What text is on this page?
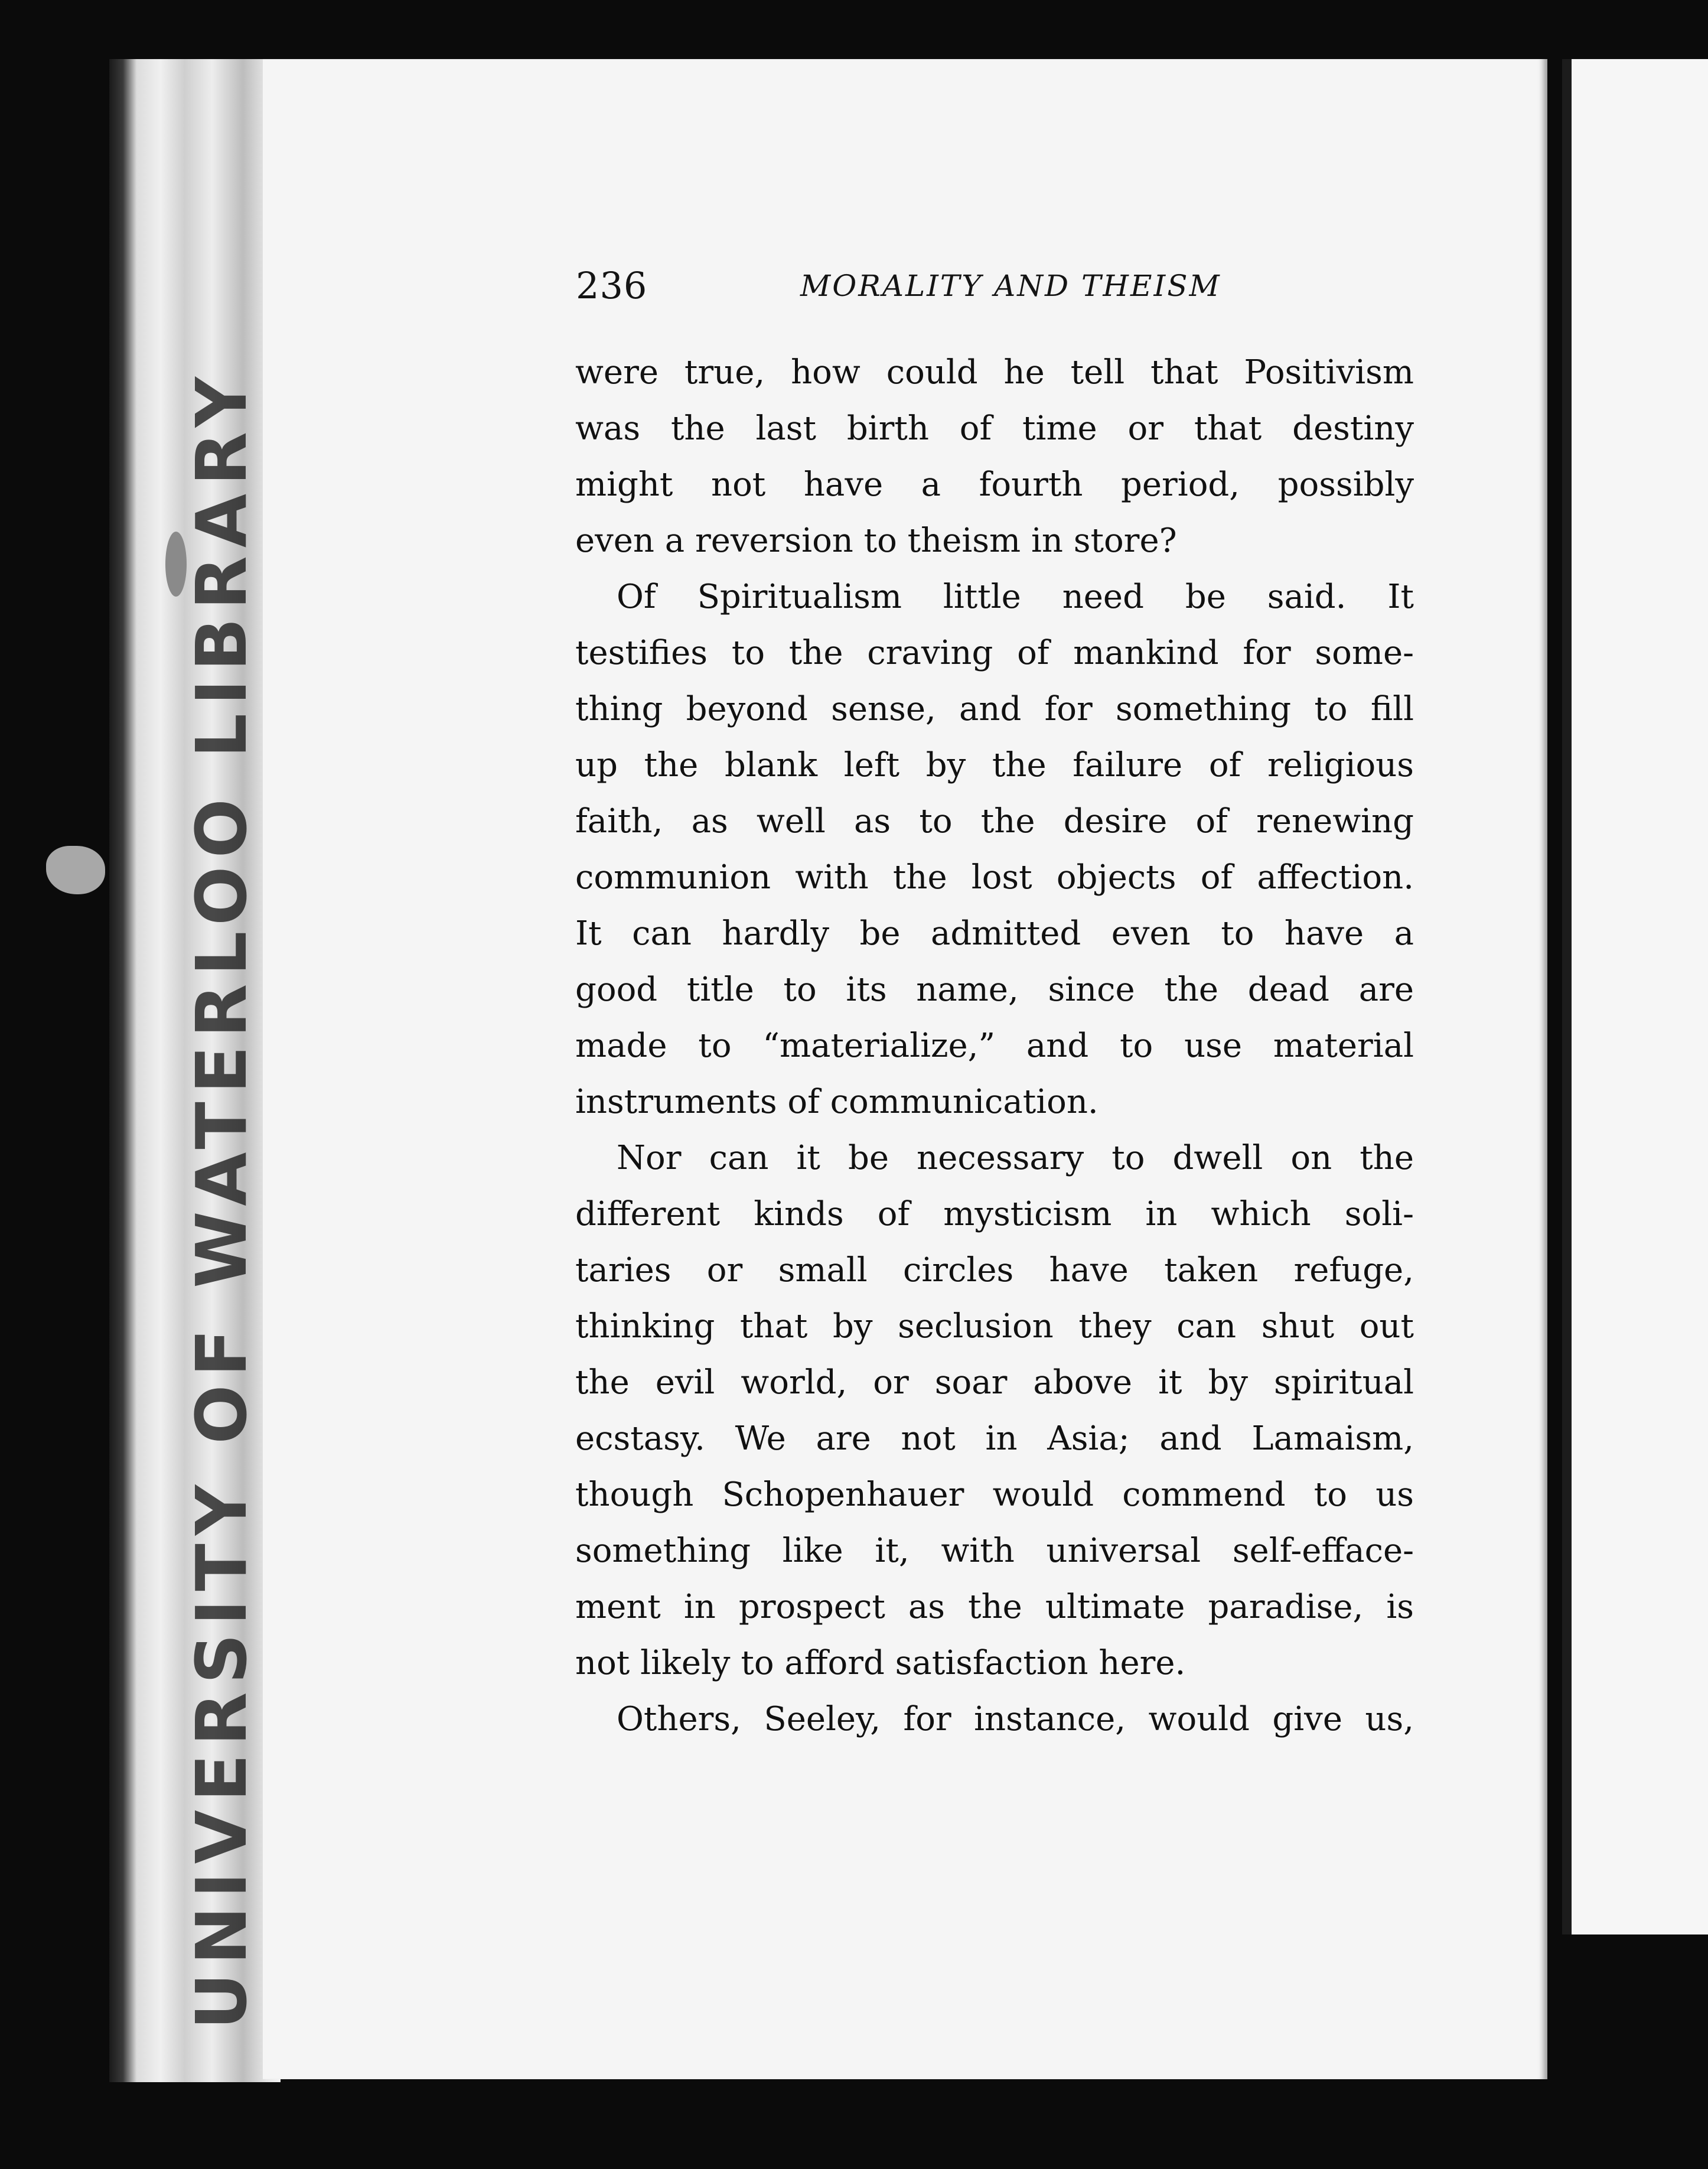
UNIVERSITY OF WATERLOO LIBRARY
236	MORALITY AND THEISM
were true, how could he tell that Positivism
was the last birth of time or that destiny
might not have a fourth period, possibly
even a reversion to theism in store?
Of Spiritualism little need be said. It
testifies to the craving of mankind for some-
thing beyond sense, and for something to fill
up the blank left by the failure of religious
faith, as well as to the desire of renewing
communion with the lost objects of affection.
It can hardly be admitted even to have a
good title to its name, since the dead are
made to “materialize,” and to use material
instruments of communication.
Nor can it be necessary to dwell on the
different kinds of mysticism in which soli-
taries or small circles have taken refuge,
thinking that by seclusion they can shut out
the evil world, or soar above it by spiritual
ecstasy. We are not in Asia; and Lamaism,
though Schopenhauer would commend to us
something like it, with universal self-efface-
ment in prospect as the ultimate paradise, is
not likely to afford satisfaction here.
Others, Seeley, for instance, would give us,
